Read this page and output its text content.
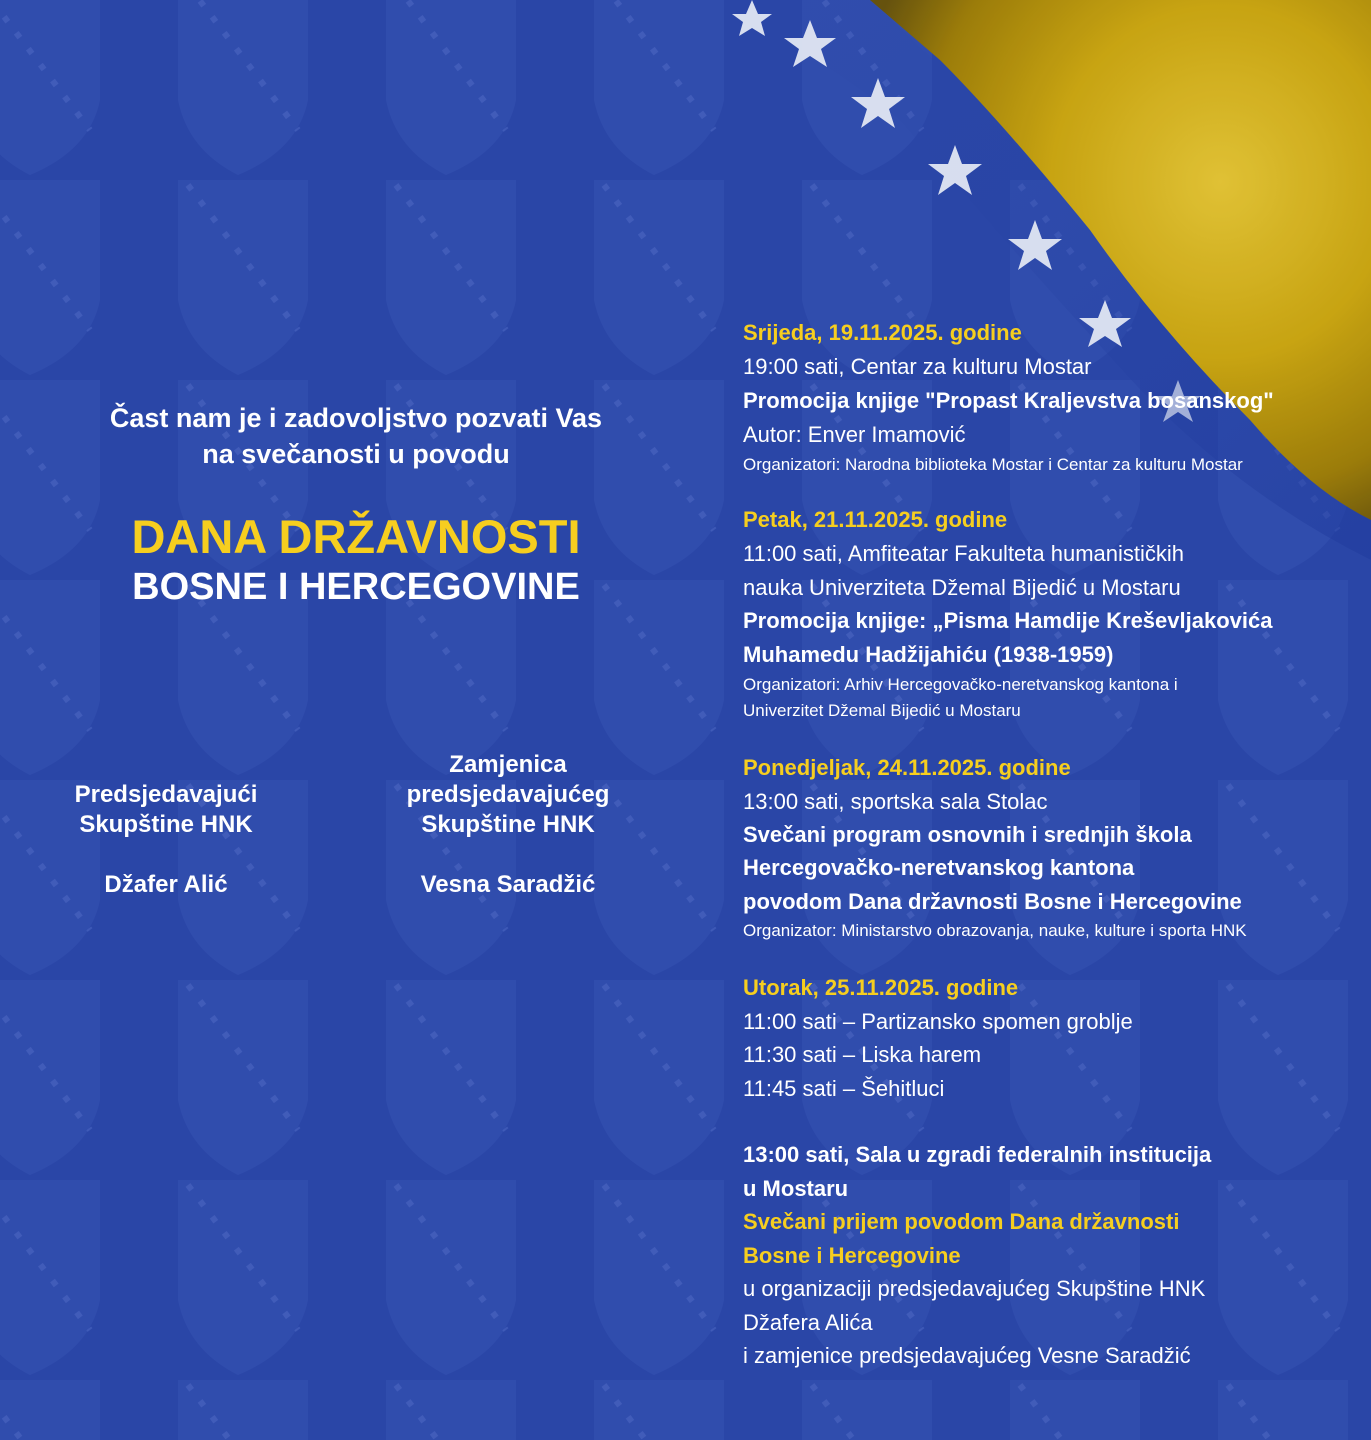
Čast nam je i zadovoljstvo pozvati Vas
na svečanosti u povodu
DANA DRŽAVNOSTI
BOSNE I HERCEGOVINE
Predsjedavajući
Skupštine HNK
Džafer Alić
Zamjenica
predsjedavajućeg
Skupštine HNK
Vesna Saradžić
Srijeda, 19.11.2025. godine
19:00 sati, Centar za kulturu Mostar
Promocija knjige "Propast Kraljevstva bosanskog"
Autor: Enver Imamović
Organizatori: Narodna biblioteka Mostar i Centar za kulturu Mostar
Petak, 21.11.2025. godine
11:00 sati, Amfiteatar Fakulteta humanističkih
nauka Univerziteta Džemal Bijedić u Mostaru
Promocija knjige: „Pisma Hamdije Kreševljakovića
Muhamedu Hadžijahiću (1938-1959)
Organizatori: Arhiv Hercegovačko-neretvanskog kantona i
Univerzitet Džemal Bijedić u Mostaru
Ponedjeljak, 24.11.2025. godine
13:00 sati, sportska sala Stolac
Svečani program osnovnih i srednjih škola
Hercegovačko-neretvanskog kantona
povodom Dana državnosti Bosne i Hercegovine
Organizator: Ministarstvo obrazovanja, nauke, kulture i sporta HNK
Utorak, 25.11.2025. godine
11:00 sati – Partizansko spomen groblje
11:30 sati – Liska harem
11:45 sati – Šehitluci
13:00 sati, Sala u zgradi federalnih institucija
u Mostaru
Svečani prijem povodom Dana državnosti
Bosne i Hercegovine
u organizaciji predsjedavajućeg Skupštine HNK
Džafera Alića
i zamjenice predsjedavajućeg Vesne Saradžić
